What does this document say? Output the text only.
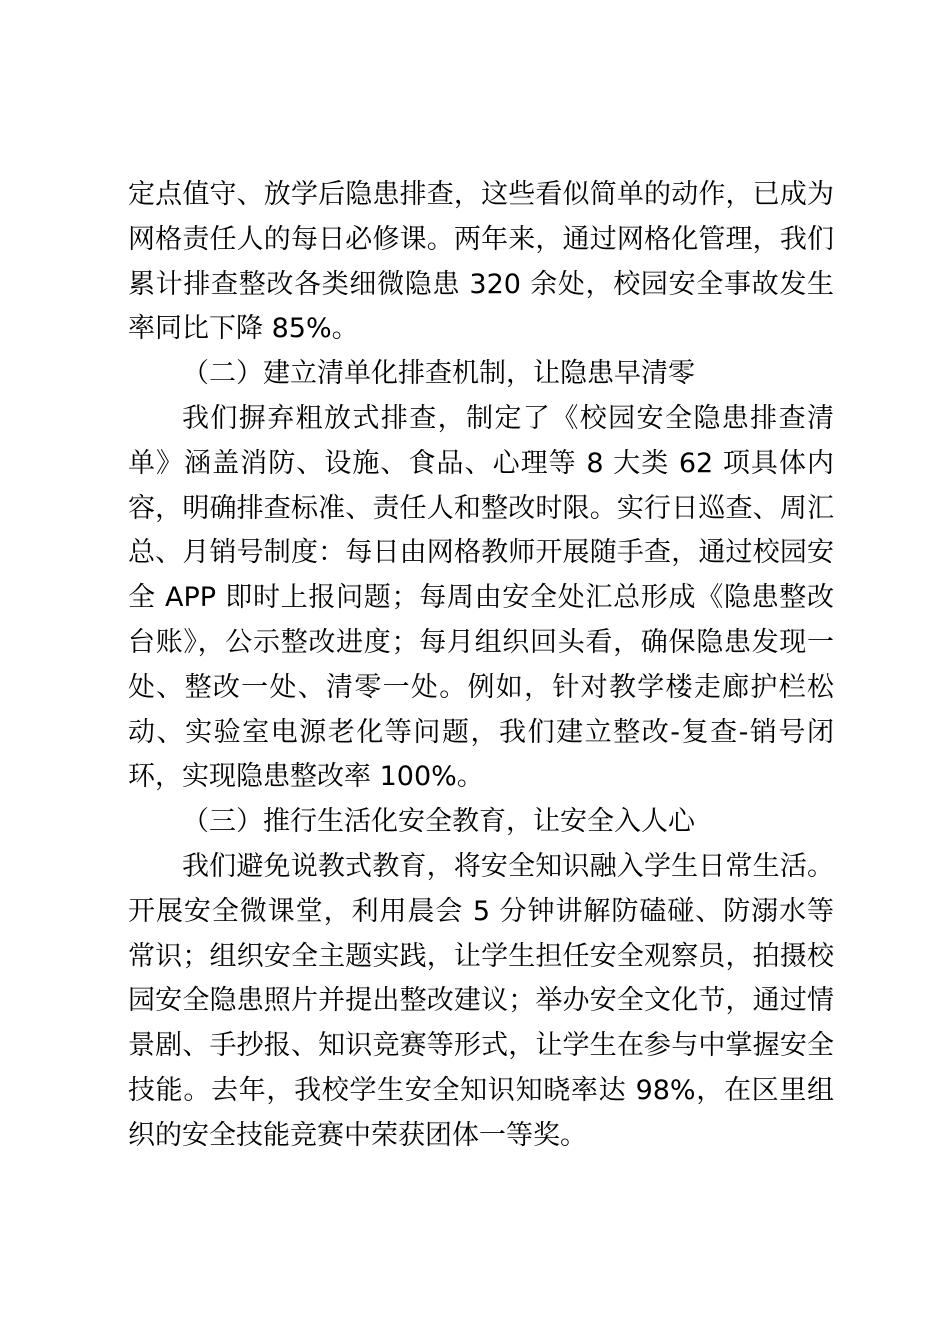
定点值守、放学后隐患排查，这些看似简单的动作，已成为网格责任人的每日必修课。两年来，通过网格化管理，我们累计排查整改各类细微隐患 320 余处，校园安全事故发生率同比下降 85%。

（二）建立清单化排查机制，让隐患早清零

我们摒弃粗放式排查，制定了《校园安全隐患排查清单》涵盖消防、设施、食品、心理等 8 大类 62 项具体内容，明确排查标准、责任人和整改时限。实行日巡查、周汇总、月销号制度：每日由网格教师开展随手查，通过校园安全 APP 即时上报问题；每周由安全处汇总形成《隐患整改台账》，公示整改进度；每月组织回头看，确保隐患发现一处、整改一处、清零一处。例如，针对教学楼走廊护栏松动、实验室电源老化等问题，我们建立整改-复查-销号闭环，实现隐患整改率 100%。

（三）推行生活化安全教育，让安全入人心

我们避免说教式教育，将安全知识融入学生日常生活。开展安全微课堂，利用晨会 5 分钟讲解防磕碰、防溺水等常识；组织安全主题实践，让学生担任安全观察员，拍摄校园安全隐患照片并提出整改建议；举办安全文化节，通过情景剧、手抄报、知识竞赛等形式，让学生在参与中掌握安全技能。去年，我校学生安全知识知晓率达 98%，在区里组织的安全技能竞赛中荣获团体一等奖。
